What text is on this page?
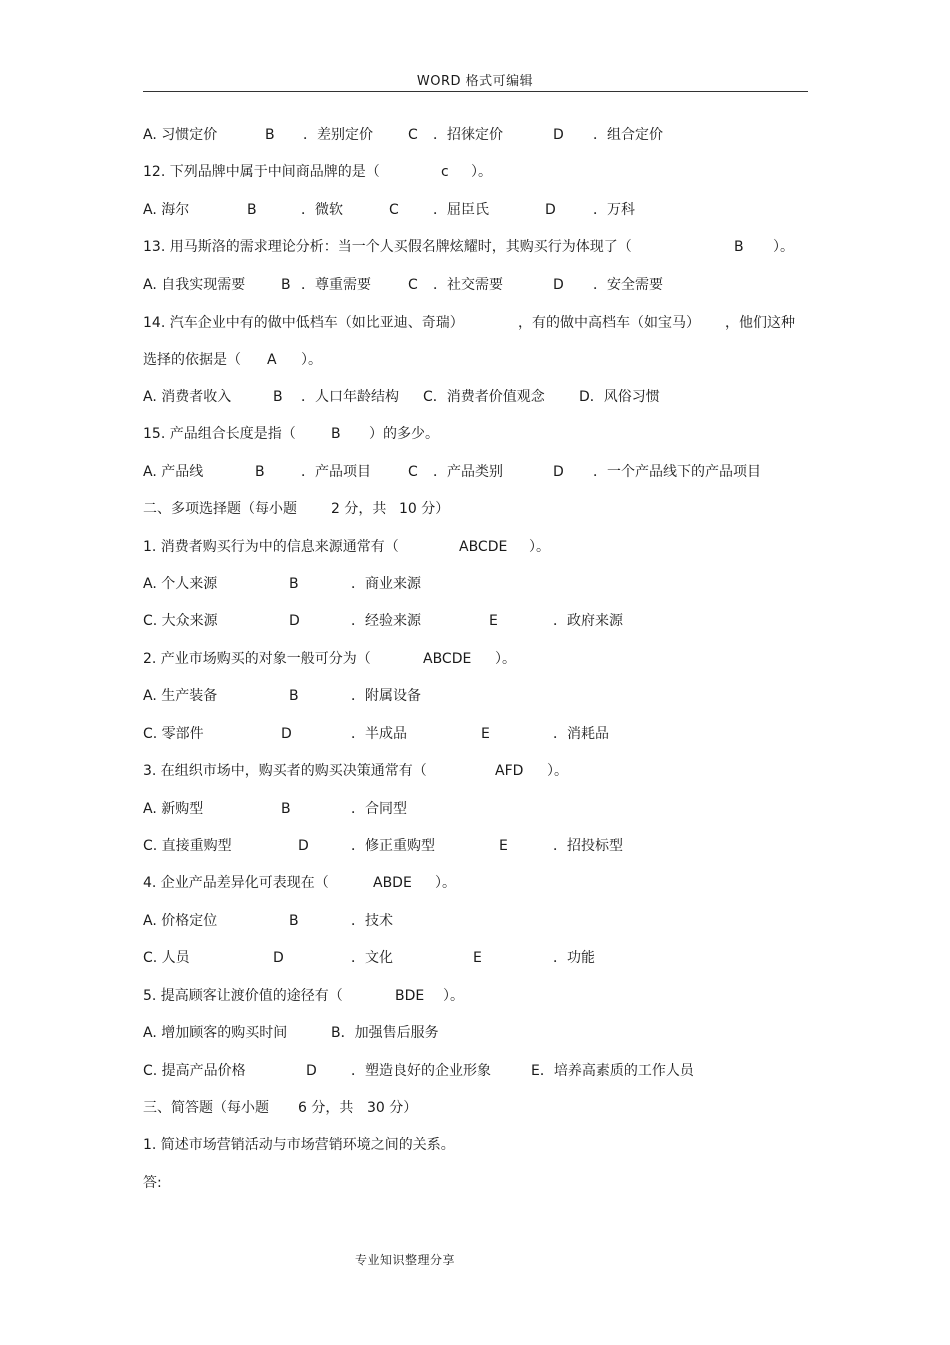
WORD 格式可编辑
A. 习惯定价	B ．差别定价	C ．招徕定价	D ．组合定价
12. 下列品牌中属于中间商品牌的是（	c ）。
A. 海尔	B	．微软	C ．屈臣氏	D	．万科
13. 用马斯洛的需求理论分析：当一个人买假名牌炫耀时，其购买行为体现了（	B ）。
A. 自我实现需要	B ．尊重需要	C ．社交需要	D ．安全需要
14. 汽车企业中有的做中低档车（如比亚迪、奇瑞）	，有的做中高档车（如宝马） ，他们这种
选择的依据是（ A ）。
A. 消费者收入	B ．人口年龄结构 C．消费者价值观念 D．风俗习惯
15. 产品组合长度是指（	B ）的多少。
A. 产品线	B	．产品项目	C ．产品类别	D ．一个产品线下的产品项目
二、多项选择题（每小题 2 分，共 10 分）
1. 消费者购买行为中的信息来源通常有（	ABCDE ）。
A. 个人来源	B	．商业来源
C. 大众来源	D	．经验来源	E	．政府来源
2. 产业市场购买的对象一般可分为（	ABCDE ）。
A. 生产装备	B	．附属设备
C. 零部件	D	．半成品	E	．消耗品
3. 在组织市场中，购买者的购买决策通常有（	AFD ）。
A. 新购型	B	．合同型
C. 直接重购型	D	．修正重购型	E	．招投标型
4. 企业产品差异化可表现在（	ABDE ）。
A. 价格定位	B	．技术
C. 人员	D	．文化	E	．功能
5. 提高顾客让渡价值的途径有（	BDE ）。
A. 增加顾客的购买时间	B．加强售后服务
C. 提高产品价格	D ．塑造良好的企业形象	E．培养高素质的工作人员
三、简答题（每小题 6 分，共 30 分）
1. 简述市场营销活动与市场营销环境之间的关系。
答:
专业知识整理分享
